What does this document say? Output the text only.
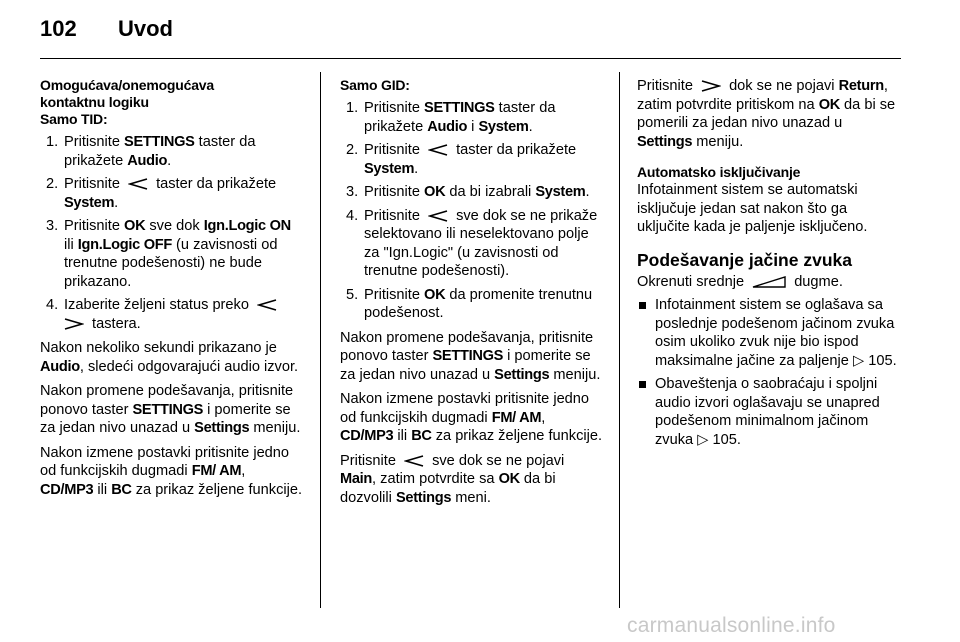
102 Uvod
Omogućava/onemogućava
kontaktnu logiku
Samo TID:
1. Pritisnite SETTINGS taster da prikažete Audio.
2. Pritisnite  taster da prikažete System.
3. Pritisnite OK sve dok Ign.Logic ON ili Ign.Logic OFF (u zavisnosti od trenutne podešenosti) ne bude prikazano.
4. Izaberite željeni status preko
tastera.

Nakon nekoliko sekundi prikazano je Audio, sledeći odgovarajući audio izvor.

Nakon promene podešavanja, pritisnite ponovo taster SETTINGS i pomerite se za jedan nivo unazad u Settings meniju.

Nakon izmene postavki pritisnite jedno od funkcijskih dugmadi FM/ AM, CD/MP3 ili BC za prikaz željene funkcije.

Samo GID:
1. Pritisnite SETTINGS taster da prikažete Audio i System.
2. Pritisnite  taster da prikažete System.
3. Pritisnite OK da bi izabrali System.
4. Pritisnite  sve dok se ne prikaže selektovano ili neselektovano polje za "Ign.Logic" (u zavisnosti od trenutne podešenosti).
5. Pritisnite OK da promenite trenutnu podešenost.

Nakon promene podešavanja, pritisnite ponovo taster SETTINGS i pomerite se za jedan nivo unazad u Settings meniju.

Nakon izmene postavki pritisnite jedno od funkcijskih dugmadi FM/ AM, CD/MP3 ili BC za prikaz željene funkcije.

Pritisnite  sve dok se ne pojavi Main, zatim potvrdite sa OK da bi dozvolili Settings meni.

Pritisnite  dok se ne pojavi Return, zatim potvrdite pritiskom na OK da bi se pomerili za jedan nivo unazad u Settings meniju.

Automatsko isključivanje

Infotainment sistem se automatski isključuje jedan sat nakon što ga uključite kada je paljenje isključeno.

Podešavanje jačine zvuka

Okrenuti srednje	dugme.

Infotainment sistem se oglašava sa poslednje podešenom jačinom zvuka osim ukoliko zvuk nije bio ispod maksimalne jačine za paljenje ▷ 105.
Obaveštenja o saobraćaju i spoljni audio izvori oglašavaju se unapred podešenom minimalnom jačinom zvuka ▷ 105.
carmanualsonline.info
